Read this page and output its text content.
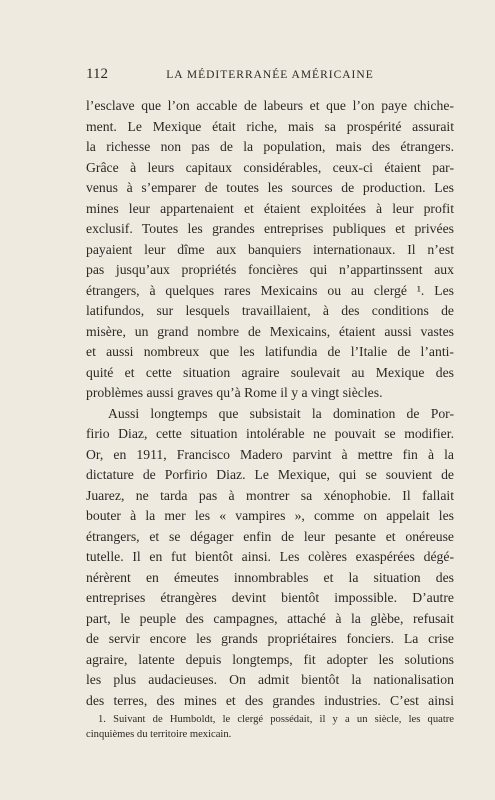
112	LA MÉDITERRANÉE AMÉRICAINE
l’esclave que l’on accable de labeurs et que l’on paye chiche-
ment. Le Mexique était riche, mais sa prospérité assurait
la richesse non pas de la population, mais des étrangers.
Grâce à leurs capitaux considérables, ceux-ci étaient par-
venus à s’emparer de toutes les sources de production. Les
mines leur appartenaient et étaient exploitées à leur profit
exclusif. Toutes les grandes entreprises publiques et privées
payaient leur dîme aux banquiers internationaux. Il n’est
pas jusqu’aux propriétés foncières qui n’appartinssent aux
étrangers, à quelques rares Mexicains ou au clergé ¹. Les
latifundos, sur lesquels travaillaient, à des conditions de
misère, un grand nombre de Mexicains, étaient aussi vastes
et aussi nombreux que les latifundia de l’Italie de l’anti-
quité et cette situation agraire soulevait au Mexique des
problèmes aussi graves qu’à Rome il y a vingt siècles.
Aussi longtemps que subsistait la domination de Por-
firio Diaz, cette situation intolérable ne pouvait se modifier.
Or, en 1911, Francisco Madero parvint à mettre fin à la
dictature de Porfirio Diaz. Le Mexique, qui se souvient de
Juarez, ne tarda pas à montrer sa xénophobie. Il fallait
bouter à la mer les « vampires », comme on appelait les
étrangers, et se dégager enfin de leur pesante et onéreuse
tutelle. Il en fut bientôt ainsi. Les colères exaspérées dégé-
nérèrent en émeutes innombrables et la situation des
entreprises étrangères devint bientôt impossible. D’autre
part, le peuple des campagnes, attaché à la glèbe, refusait
de servir encore les grands propriétaires fonciers. La crise
agraire, latente depuis longtemps, fit adopter les solutions
les plus audacieuses. On admit bientôt la nationalisation
des terres, des mines et des grandes industries. C’est ainsi
1. Suivant de Humboldt, le clergé possédait, il y a un siècle, les quatre
cinquièmes du territoire mexicain.
